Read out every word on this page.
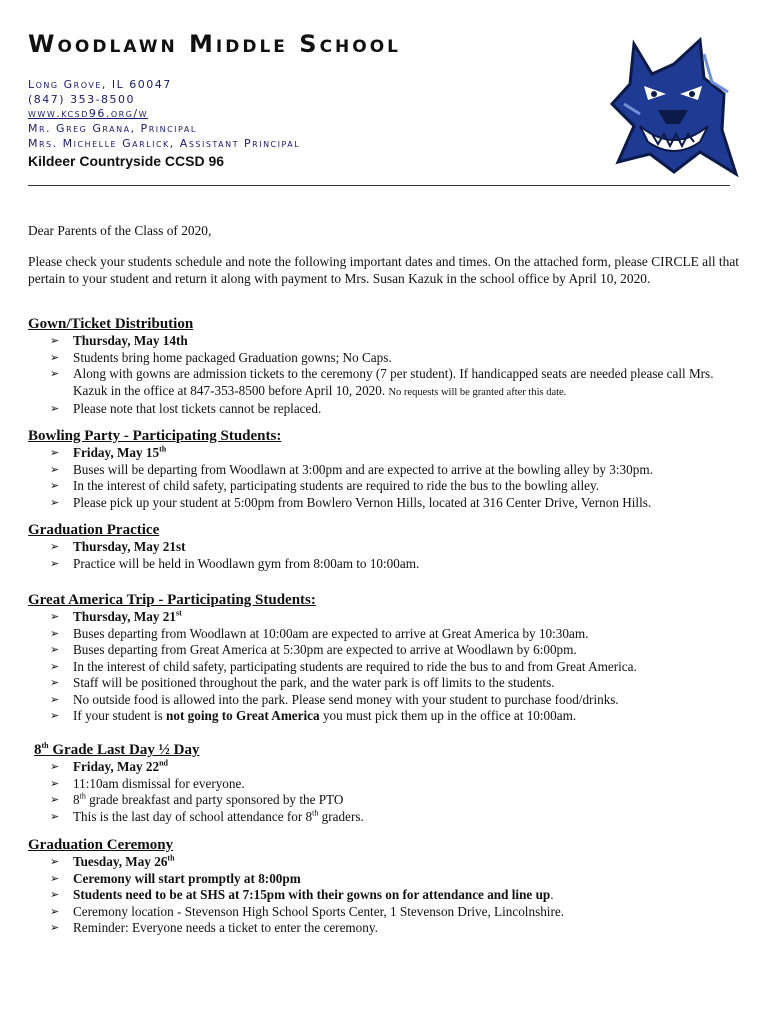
Woodlawn Middle School
Long Grove, IL 60047
(847) 353-8500
www.kcsd96.org/w
Mr. Greg Grana, Principal
Mrs. Michelle Garlick, Assistant Principal
Kildeer Countryside CCSD 96
Dear Parents of the Class of 2020,
Please check your students schedule and note the following important dates and times. On the attached form, please CIRCLE all that pertain to your student and return it along with payment to Mrs. Susan Kazuk in the school office by April 10, 2020.
Gown/Ticket Distribution
➢ Thursday, May 14th
➢ Students bring home packaged Graduation gowns; No Caps.
➢ Along with gowns are admission tickets to the ceremony (7 per student). If handicapped seats are needed please call Mrs. Kazuk in the office at 847-353-8500 before April 10, 2020. No requests will be granted after this date.
➢ Please note that lost tickets cannot be replaced.
Bowling Party - Participating Students:
➢ Friday, May 15th
➢ Buses will be departing from Woodlawn at 3:00pm and are expected to arrive at the bowling alley by 3:30pm.
➢ In the interest of child safety, participating students are required to ride the bus to the bowling alley.
➢ Please pick up your student at 5:00pm from Bowlero Vernon Hills, located at 316 Center Drive, Vernon Hills.
Graduation Practice
➢ Thursday, May 21st
➢ Practice will be held in Woodlawn gym from 8:00am to 10:00am.
Great America Trip - Participating Students:
➢ Thursday, May 21st
➢ Buses departing from Woodlawn at 10:00am are expected to arrive at Great America by 10:30am.
➢ Buses departing from Great America at 5:30pm are expected to arrive at Woodlawn by 6:00pm.
➢ In the interest of child safety, participating students are required to ride the bus to and from Great America.
➢ Staff will be positioned throughout the park, and the water park is off limits to the students.
➢ No outside food is allowed into the park. Please send money with your student to purchase food/drinks.
➢ If your student is not going to Great America you must pick them up in the office at 10:00am.
8th Grade Last Day ½ Day
➢ Friday, May 22nd
➢ 11:10am dismissal for everyone.
➢ 8th grade breakfast and party sponsored by the PTO
➢ This is the last day of school attendance for 8th graders.
Graduation Ceremony
➢ Tuesday, May 26th
➢ Ceremony will start promptly at 8:00pm
➢ Students need to be at SHS at 7:15pm with their gowns on for attendance and line up.
➢ Ceremony location - Stevenson High School Sports Center, 1 Stevenson Drive, Lincolnshire.
➢ Reminder: Everyone needs a ticket to enter the ceremony.
